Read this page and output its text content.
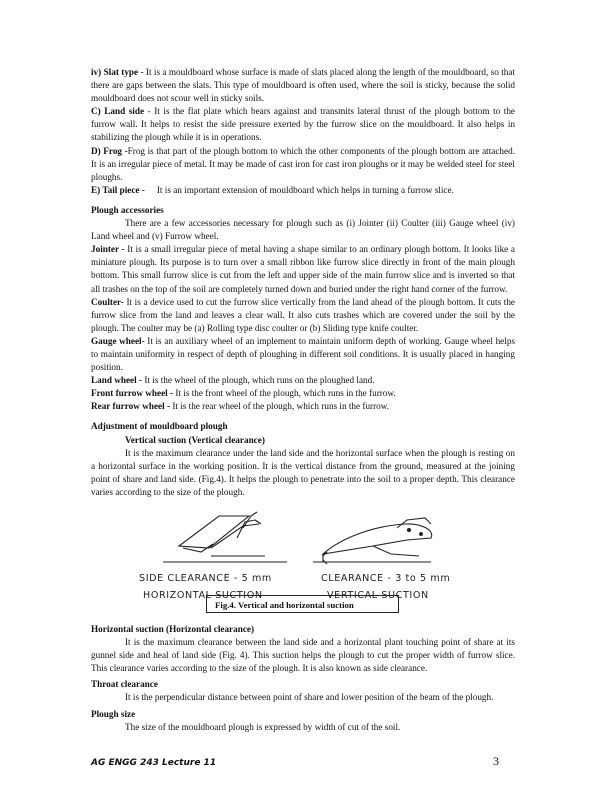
iv) Slat type - It is a mouldboard whose surface is made of slats placed along the length of the mouldboard, so that there are gaps between the slats. This type of mouldboard is often used, where the soil is sticky, because the solid mouldboard does not scour well in sticky soils.

C) Land side - It is the flat plate which bears against and transmits lateral thrust of the plough bottom to the furrow wall. It helps to resist the side pressure exerted by the furrow slice on the mouldboard. It also helps in stabilizing the plough while it is in operations.

D) Frog -Frog is that part of the plough bottom to which the other components of the plough bottom are attached. It is an irregular piece of metal. It may be made of cast iron for cast iron ploughs or it may be welded steel for steel ploughs.

E) Tail piece - It is an important extension of mouldboard which helps in turning a furrow slice.

Plough accessories

There are a few accessories necessary for plough such as (i) Jointer (ii) Coulter (iii) Gauge wheel (iv) Land wheel and (v) Furrow wheel.

Jointer - It is a small irregular piece of metal having a shape similar to an ordinary plough bottom. It looks like a miniature plough. Its purpose is to turn over a small ribbon like furrow slice directly in front of the main plough bottom. This small furrow slice is cut from the left and upper side of the main furrow slice and is inverted so that all trashes on the top of the soil are completely turned down and buried under the right hand corner of the furrow.

Coulter- It is a device used to cut the furrow slice vertically from the land ahead of the plough bottom. It cuts the furrow slice from the land and leaves a clear wall. It also cuts trashes which are covered under the soil by the plough. The coulter may be (a) Rolling type disc coulter or (b) Sliding type knife coulter.

Gauge wheel- It is an auxiliary wheel of an implement to maintain uniform depth of working. Gauge wheel helps to maintain uniformity in respect of depth of ploughing in different soil conditions. It is usually placed in hanging position.

Land wheel - It is the wheel of the plough, which runs on the ploughed land.

Front furrow wheel - It is the front wheel of the plough, which runs in the furrow.

Rear furrow wheel - It is the rear wheel of the plough, which runs in the furrow.

Adjustment of mouldboard plough

Vertical suction (Vertical clearance)

It is the maximum clearance under the land side and the horizontal surface when the plough is resting on a horizontal surface in the working position. It is the vertical distance from the ground, measured at the joining point of share and land side. (Fig.4). It helps the plough to penetrate into the soil to a proper depth. This clearance varies according to the size of the plough.

SIDE CLEARANCE - 5 mm
HORIZONTAL SUCTION
CLEARANCE - 3 to 5 mm
VERTICAL SUCTION
Fig.4. Vertical and horizontal suction

Horizontal suction (Horizontal clearance)

It is the maximum clearance between the land side and a horizontal plant touching point of share at its gunnel side and heal of land side (Fig. 4). This suction helps the plough to cut the proper width of furrow slice. This clearance varies according to the size of the plough. It is also known as side clearance.

Throat clearance

It is the perpendicular distance between point of share and lower position of the beam of the plough.

Plough size

The size of the mouldboard plough is expressed by width of cut of the soil.

AG ENGG 243 Lecture 11	3
